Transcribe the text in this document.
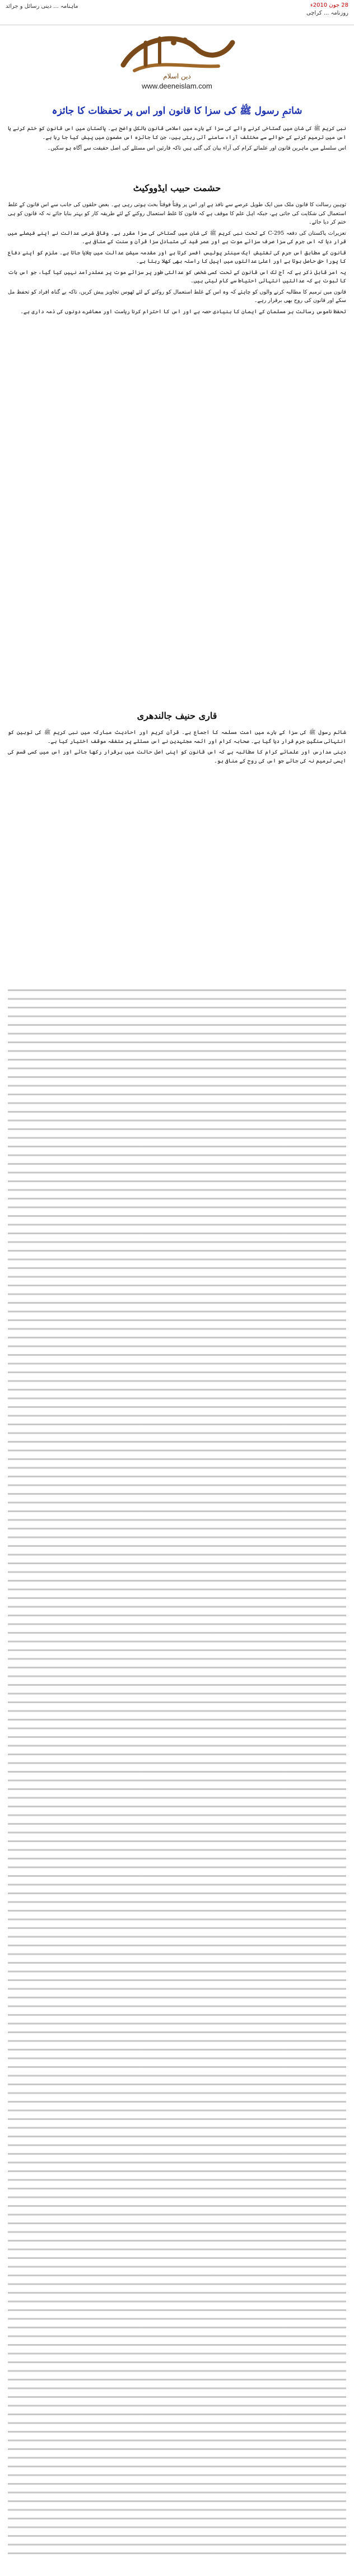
28 جون 2010ء
روزنامہ ... کراچی
ماہنامہ ... دینی رسائل و جرائد
دین اسلام
www.deeneislam.com
شاتمِ رسول ﷺ کی سزا کا قانون اور اس پر تحفظات کا جائزہ

نبی کریم ﷺ کی شان میں گستاخی کرنے والے کی سزا کے بارے میں اسلامی قانون بالکل واضح ہے۔ پاکستان میں اس قانون کو ختم کرنے یا اس میں ترمیم کرنے کے حوالے سے مختلف آراء سامنے آتی رہتی ہیں، جن کا جائزہ اس مضمون میں پیش کیا جا رہا ہے۔

اس سلسلے میں ماہرین قانون اور علمائے کرام کی آراء بیان کی گئی ہیں تاکہ قارئین اس مسئلے کی اصل حقیقت سے آگاہ ہو سکیں۔

حشمت حبیب ایڈووکیٹ

توہین رسالت کا قانون ملک میں ایک طویل عرصے سے نافذ ہے اور اس پر وقتاً فوقتاً بحث ہوتی رہی ہے۔ بعض حلقوں کی جانب سے اس قانون کے غلط استعمال کی شکایت کی جاتی ہے، جبکہ اہل علم کا موقف ہے کہ قانون کا غلط استعمال روکنے کے لئے طریقہ کار کو بہتر بنایا جائے نہ کہ قانون کو ہی ختم کر دیا جائے۔

تعزیرات پاکستان کی دفعہ 295-C کے تحت نبی کریم ﷺ کی شان میں گستاخی کی سزا مقرر ہے۔ وفاقی شرعی عدالت نے اپنے فیصلے میں قرار دیا کہ اس جرم کی سزا صرف سزائے موت ہے اور عمر قید کی متبادل سزا قرآن و سنت کے منافی ہے۔

قانون کے مطابق اس جرم کی تفتیش ایک سینئر پولیس افسر کرتا ہے اور مقدمہ سیشن عدالت میں چلایا جاتا ہے۔ ملزم کو اپنے دفاع کا پورا حق حاصل ہوتا ہے اور اعلیٰ عدالتوں میں اپیل کا راستہ بھی کھلا رہتا ہے۔

یہ امر قابل ذکر ہے کہ آج تک اس قانون کے تحت کسی شخص کو عدالتی طور پر سزائے موت پر عملدرآمد نہیں کیا گیا، جو اس بات کا ثبوت ہے کہ عدالتیں انتہائی احتیاط سے کام لیتی ہیں۔

قانون میں ترمیم کا مطالبہ کرنے والوں کو چاہئے کہ وہ اس کے غلط استعمال کو روکنے کے لئے ٹھوس تجاویز پیش کریں، تاکہ بے گناہ افراد کو تحفظ مل سکے اور قانون کی روح بھی برقرار رہے۔

تحفظ ناموس رسالت ہر مسلمان کے ایمان کا بنیادی حصہ ہے اور اس کا احترام کرنا ریاست اور معاشرے دونوں کی ذمہ داری ہے۔

قاری حنیف جالندھری

شاتم رسول ﷺ کی سزا کے بارے میں امت مسلمہ کا اجماع ہے۔ قرآن کریم اور احادیث مبارکہ میں نبی کریم ﷺ کی توہین کو انتہائی سنگین جرم قرار دیا گیا ہے۔ صحابہ کرام اور ائمہ مجتہدین نے اس مسئلے پر متفقہ موقف اختیار کیا ہے۔

دینی مدارس اور علمائے کرام کا مطالبہ ہے کہ اس قانون کو اپنی اصل حالت میں برقرار رکھا جائے اور اس میں کسی قسم کی ایسی ترمیم نہ کی جائے جو اس کی روح کے منافی ہو۔
